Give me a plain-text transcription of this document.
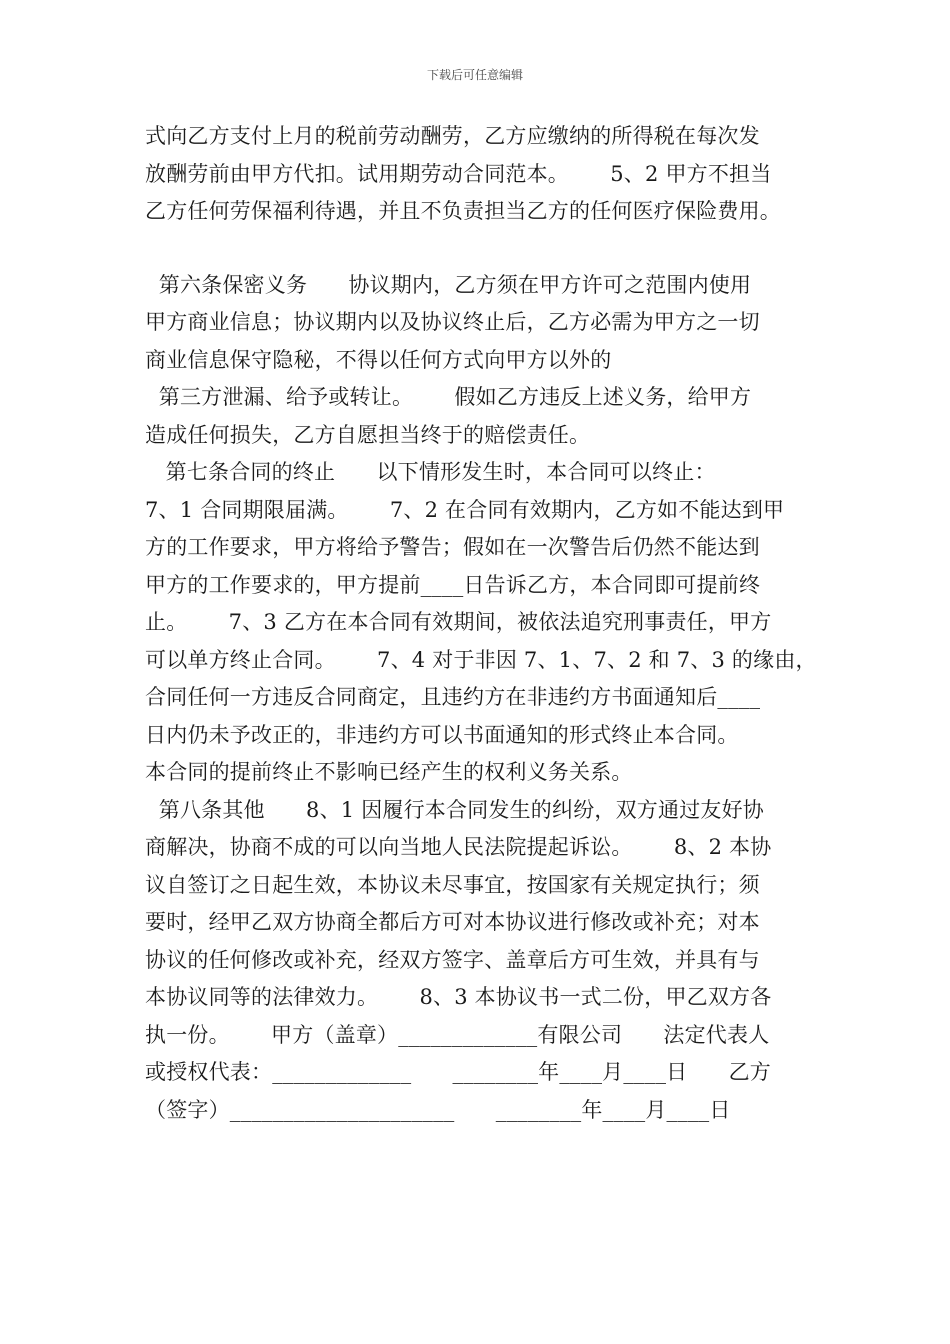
下载后可任意编辑
式向乙方支付上月的税前劳动酬劳，乙方应缴纳的所得税在每次发
放酬劳前由甲方代扣。试用期劳动合同范本。      5、2 甲方不担当
乙方任何劳保福利待遇，并且不负责担当乙方的任何医疗保险费用。
第六条保密义务      协议期内，乙方须在甲方许可之范围内使用
甲方商业信息；协议期内以及协议终止后，乙方必需为甲方之一切
商业信息保守隐秘，不得以任何方式向甲方以外的
第三方泄漏、给予或转让。      假如乙方违反上述义务，给甲方
造成任何损失，乙方自愿担当终于的赔偿责任。
第七条合同的终止      以下情形发生时，本合同可以终止：
7、1 合同期限届满。      7、2 在合同有效期内，乙方如不能达到甲
方的工作要求，甲方将给予警告；假如在一次警告后仍然不能达到
甲方的工作要求的，甲方提前____日告诉乙方，本合同即可提前终
止。      7、3 乙方在本合同有效期间，被依法追究刑事责任，甲方
可以单方终止合同。      7、4 对于非因 7、1、7、2 和 7、3 的缘由，
合同任何一方违反合同商定，且违约方在非违约方书面通知后____
日内仍未予改正的，非违约方可以书面通知的形式终止本合同。
本合同的提前终止不影响已经产生的权利义务关系。
第八条其他      8、1 因履行本合同发生的纠纷，双方通过友好协
商解决，协商不成的可以向当地人民法院提起诉讼。      8、2 本协
议自签订之日起生效，本协议未尽事宜，按国家有关规定执行；须
要时，经甲乙双方协商全都后方可对本协议进行修改或补充；对本
协议的任何修改或补充，经双方签字、盖章后方可生效，并具有与
本协议同等的法律效力。      8、3 本协议书一式二份，甲乙双方各
执一份。      甲方（盖章）_____________有限公司      法定代表人
或授权代表：_____________      ________年____月____日      乙方
（签字）_____________________      ________年____月____日
